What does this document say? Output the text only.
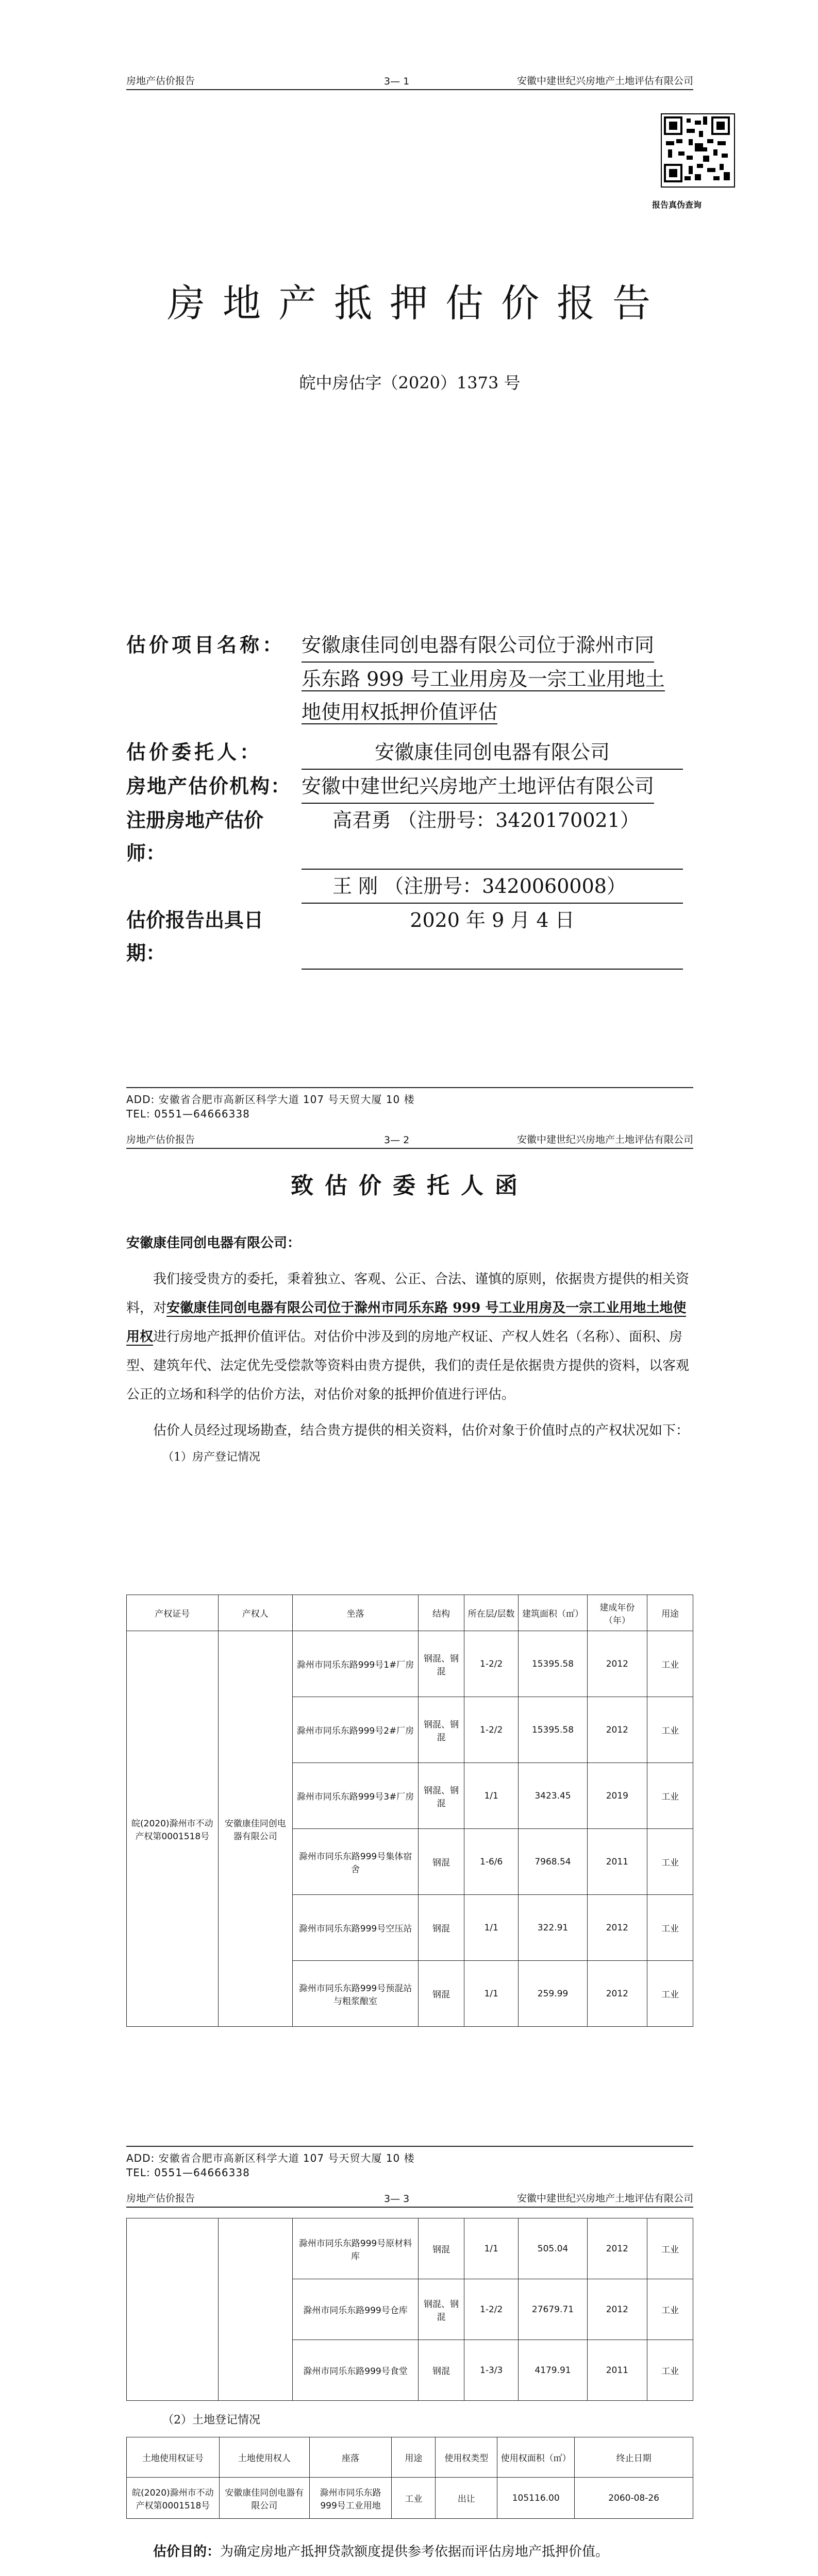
房地产估价报告	3— 1	安徽中建世纪兴房地产土地评估有限公司
报告真伪查询
房地产抵押估价报告
皖中房估字（2020）1373 号
估价项目名称： 安徽康佳同创电器有限公司位于滁州市同
乐东路 999 号工业用房及一宗工业用地土
地使用权抵押价值评估
估价委托人：	安徽康佳同创电器有限公司
房地产估价机构： 安徽中建世纪兴房地产土地评估有限公司
注册房地产估价师：
高君勇 （注册号：3420170021）
王 刚 （注册号：3420060008）
估价报告出具日期：
2020 年 9 月 4 日
ADD: 安徽省合肥市高新区科学大道 107 号天贸大厦 10 楼
TEL: 0551—64666338
房地产估价报告	3— 2	安徽中建世纪兴房地产土地评估有限公司
致估价委托人函
安徽康佳同创电器有限公司：
我们接受贵方的委托，秉着独立、客观、公正、合法、谨慎的原则，依据贵方提供的相关资料，对安徽康佳同创电器有限公司位于滁州市同乐东路 999 号工业用房及一宗工业用地土地使用权进行房地产抵押价值评估。对估价中涉及到的房地产权证、产权人姓名（名称）、面积、房型、建筑年代、法定优先受偿款等资料由贵方提供，我们的责任是依据贵方提供的资料，以客观公正的立场和科学的估价方法，对估价对象的抵押价值进行评估。
估价人员经过现场勘查，结合贵方提供的相关资料，估价对象于价值时点的产权状况如下：
（1）房产登记情况
产权证号	产权人	坐落	结构	所在层/层数	建筑面积（㎡）	建成年份（年）	用途
皖(2020)滁州市不动产权第0001518号	安徽康佳同创电器有限公司	滁州市同乐东路999号1#厂房	钢混、钢混	1-2/2	15395.58	2012	工业
		滁州市同乐东路999号2#厂房	钢混、钢混	1-2/2	15395.58	2012	工业
		滁州市同乐东路999号3#厂房	钢混、钢混	1/1	3423.45	2019	工业
		滁州市同乐东路999号集体宿舍	钢混	1-6/6	7968.54	2011	工业
		滁州市同乐东路999号空压站	钢混	1/1	322.91	2012	工业
		滁州市同乐东路999号预混站与粗浆酿室	钢混	1/1	259.99	2012	工业
ADD: 安徽省合肥市高新区科学大道 107 号天贸大厦 10 楼
TEL: 0551—64666338
房地产估价报告	3— 3	安徽中建世纪兴房地产土地评估有限公司
		滁州市同乐东路999号原材料库	钢混	1/1	505.04	2012	工业
		滁州市同乐东路999号仓库	钢混、钢混	1-2/2	27679.71	2012	工业
		滁州市同乐东路999号食堂	钢混	1-3/3	4179.91	2011	工业
（2）土地登记情况
土地使用权证号	土地使用权人	座落	用途	使用权类型	使用权面积（㎡）	终止日期
皖(2020)滁州市不动产权第0001518号	安徽康佳同创电器有限公司	滁州市同乐东路999号工业用地	工业	出让	105116.00	2060-08-26
估价目的：为确定房地产抵押贷款额度提供参考依据而评估房地产抵押价值。
